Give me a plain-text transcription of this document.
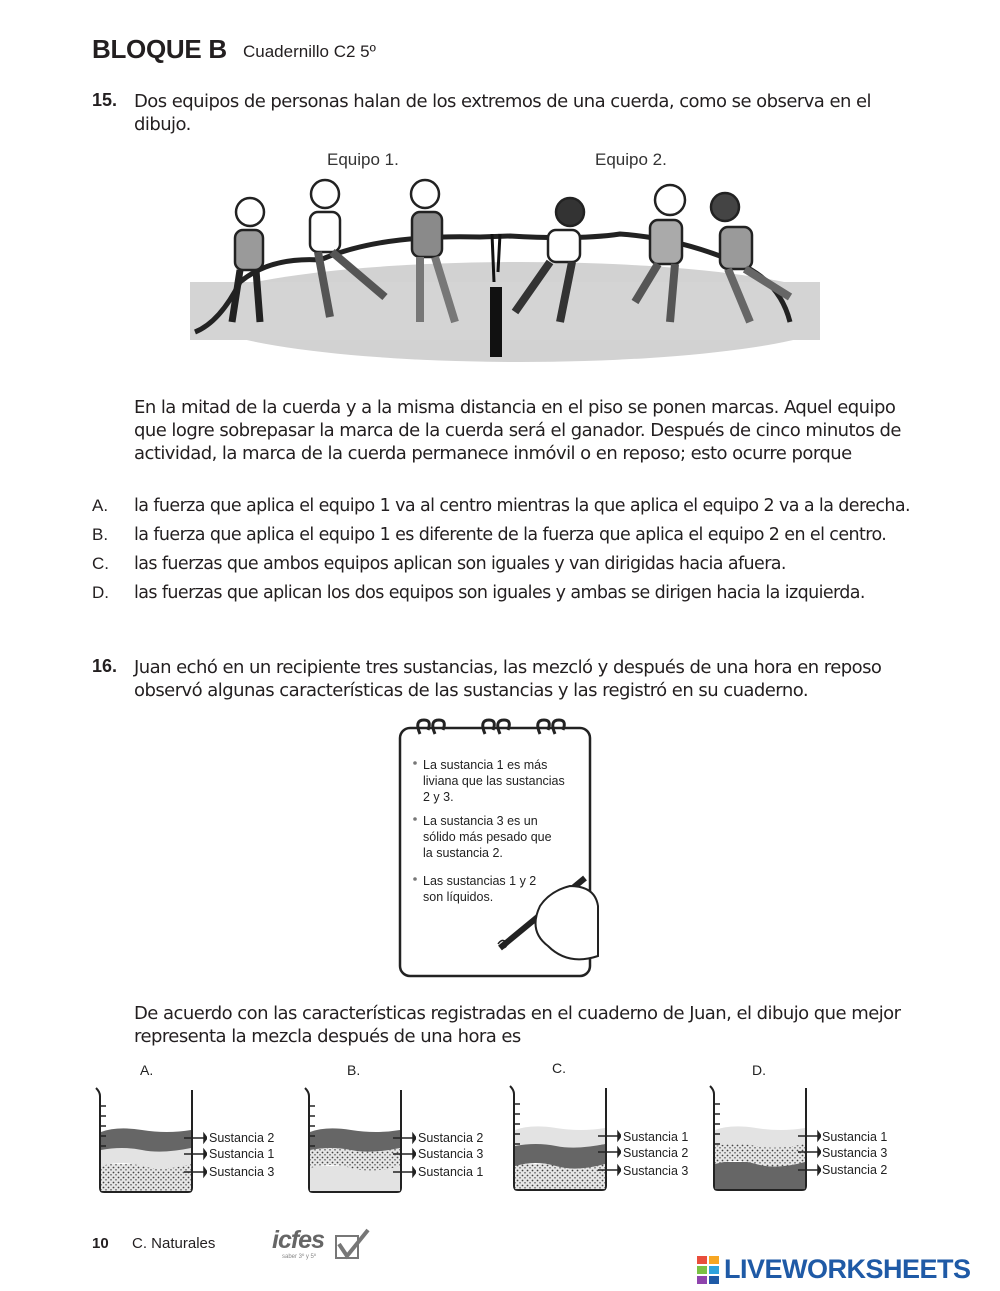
BLOQUE B Cuadernillo C2 5º
15. Dos equipos de personas halan de los extremos de una cuerda, como se observa en el
dibujo.
Equipo 1.	Equipo 2.
En la mitad de la cuerda y a la misma distancia en el piso se ponen marcas. Aquel equipo
que logre sobrepasar la marca de la cuerda será el ganador. Después de cinco minutos de
actividad, la marca de la cuerda permanece inmóvil o en reposo; esto ocurre porque
A. la fuerza que aplica el equipo 1 va al centro mientras la que aplica el equipo 2 va a la derecha.
B. la fuerza que aplica el equipo 1 es diferente de la fuerza que aplica el equipo 2 en el centro.
C. las fuerzas que ambos equipos aplican son iguales y van dirigidas hacia afuera.
D. las fuerzas que aplican los dos equipos son iguales y ambas se dirigen hacia la izquierda.
16. Juan echó en un recipiente tres sustancias, las mezcló y después de una hora en reposo
observó algunas características de las sustancias y las registró en su cuaderno.
La sustancia 1 es más
liviana que las sustancias
2 y 3.
La sustancia 3 es un
sólido más pesado que
la sustancia 2.
Las sustancias 1 y 2
son líquidos.
De acuerdo con las características registradas en el cuaderno de Juan, el dibujo que mejor
representa la mezcla después de una hora es
A.
Sustancia 2
Sustancia 1
Sustancia 3
B.
Sustancia 2
Sustancia 3
Sustancia 1
C.
Sustancia 1
Sustancia 2
Sustancia 3
D.
Sustancia 1
Sustancia 3
Sustancia 2
10 C. Naturales icfes
saber 3º y 5º	LIVEWORKSHEETS
